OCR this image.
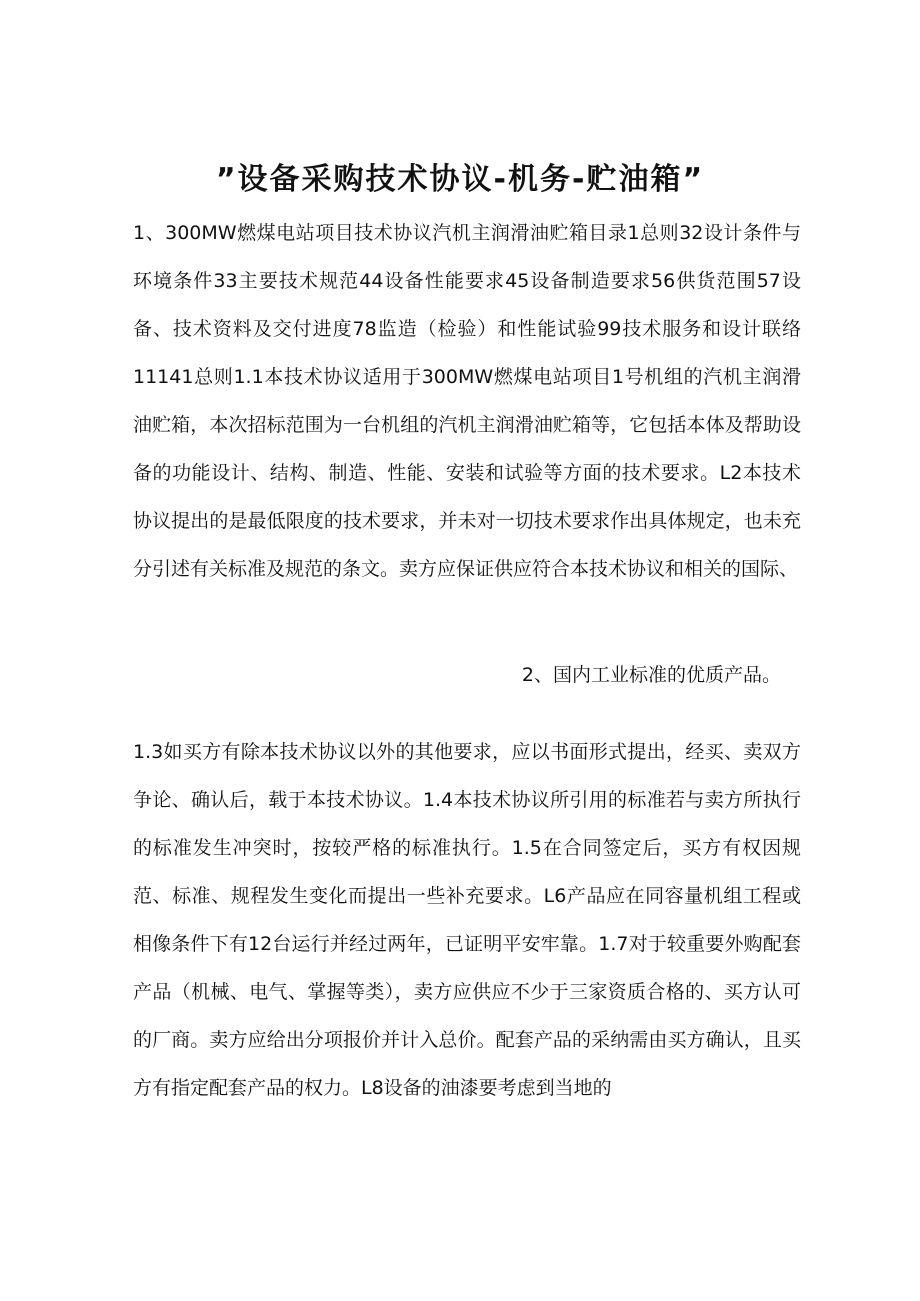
”设备采购技术协议-机务-贮油箱”

1、300MW燃煤电站项目技术协议汽机主润滑油贮箱目录1总则32设计条件与环境条件33主要技术规范44设备性能要求45设备制造要求56供货范围57设备、技术资料及交付进度78监造（检验）和性能试验99技术服务和设计联络11141总则1.1本技术协议适用于300MW燃煤电站项目1号机组的汽机主润滑油贮箱，本次招标范围为一台机组的汽机主润滑油贮箱等，它包括本体及帮助设备的功能设计、结构、制造、性能、安装和试验等方面的技术要求。L2本技术协议提出的是最低限度的技术要求，并未对一切技术要求作出具体规定，也未充分引述有关标准及规范的条文。卖方应保证供应符合本技术协议和相关的国际、

2、国内工业标准的优质产品。

1.3如买方有除本技术协议以外的其他要求，应以书面形式提出，经买、卖双方争论、确认后，载于本技术协议。1.4本技术协议所引用的标准若与卖方所执行的标准发生冲突时，按较严格的标准执行。1.5在合同签定后，买方有权因规范、标准、规程发生变化而提出一些补充要求。L6产品应在同容量机组工程或相像条件下有12台运行并经过两年，已证明平安牢靠。1.7对于较重要外购配套产品（机械、电气、掌握等类），卖方应供应不少于三家资质合格的、买方认可的厂商。卖方应给出分项报价并计入总价。配套产品的采纳需由买方确认，且买方有指定配套产品的权力。L8设备的油漆要考虑到当地的
